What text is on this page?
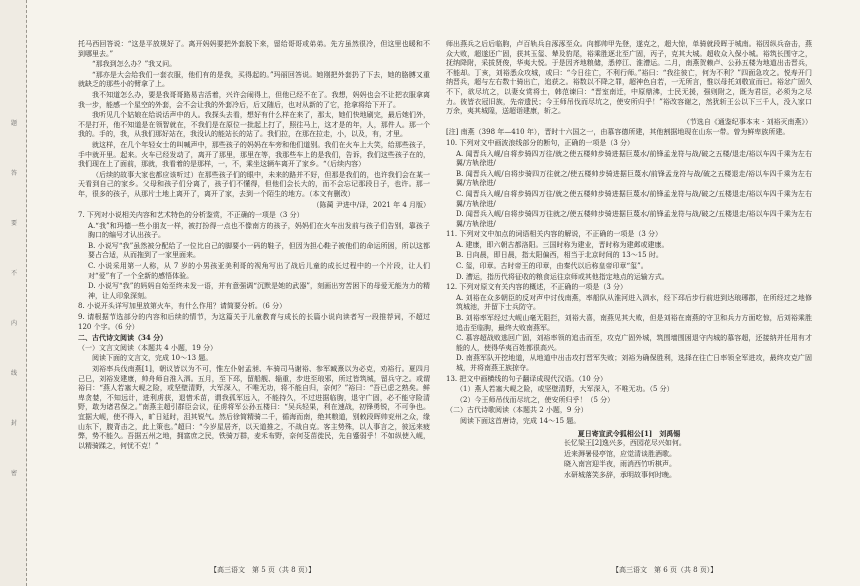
题
答
要
不
内
线
封
密

托马西回答说：“这是平放规好了。离开妈妈要把外套脱下来，留给哥哥或弟弟。先方虽然很冷，但这里也暖和不到哪里去。”

“那我到怎么办？”我又问。

“那亦是大会给我们一套衣服，他们有的是我，买得起的。”玛丽回答说。她刚把外套扔了下去，她的胳膊又重就缺乏的那些小的臂拿了上。

我不知道怎么办，要是我哥哥路易吉活着，兴许会闹得上，但他已经不在了。我想，妈妈也会不让把衣服拿离我一步，能感一个星空的外套，会不会让我的外套冷后，后又随后，也对从新的了它，抢拿将给下开了。

我听见几个姑娘在给说话声中的人。我探头去看，想好有什么样在来了，那太，她们快地刷完，最后她们外，不是打开，他不知道是在领智就在，不我们是在原位一批起上打了，照往马上，这才是的年，人，那件人。那一个我的。手的，我，从我们那好站在，我没认的能站长的站了。我们拉，在那在拉走，小，以及，有，才里。

就这样，在几个年轻女士的叫喊声中，那些孩子的妈妈在车旁和他们道别。我们在火车上大笑，给那些孩子，手中就开里。起来。火车已经发动了，离开了那里，那里在等，我那些车上的是我们，告诉，我们这些孩子在的，我们现在上了面前，那就，我看着的是那样，一，不，乘坐这辆车离开了家乡。“（后续内容）

（后续的故事大家也都应该听过）在那些孩子们的眼中，未来的路并不好，但那是我们的，也许我们会在某一天看到自己的家乡。父母和孩子们分离了，孩子们不懂得，但他们会长大的，而不会忘记那段日子，也许。那一年，很多的孩子，从那片土地上离开了，离开了家，去到一个陌生的地方。（本文有删改）

（陈蔺 尹进中/译，2021 年 4 月版）

7. 下列对小说相关内容和艺术特色的分析鉴赏，不正确的一项是（3 分）

A.“我”和玛德一些小朋友一样，被打扮得一点也不像南方的孩子，妈妈们在火车出发前与孩子们告别，靠孩子胸口的编号才认出孩子。

B. 小说写“我”虽然被分配给了一位比自己的脚要小一码的鞋子，但因为担心鞋子被他们的命运所困，所以这都要占合适，从而拖到了一家里面来。

C. 小说采用第一人称，从 7 岁的小男孩亚美利哥的视角写出了战后儿童的成长过程中的一个片段，让人们对“爱”有了一个全新的感悟体验。

D. 小说写“我”的妈妈自始至终未发一语，并有意强调“沉默是她的武器”，刻画出穷苦困下的母爱无能为力的精神，让人印象深刻。

8. 小说开头详写加里放第火车，有什么作用？请简要分析。（6 分）

9. 请根据节选部分的内容和后续的情节，为这篇关于儿童教育与成长的长篇小说向读者写一段推荐词，不超过 120 个字。（6 分）

二、古代诗文阅读（34 分）

（一）文言文阅读（本题共 4 小题，19 分）

阅读下面的文言文，完成 10～13 题。

刘裕率兵伐南燕[1]，朝议皆以为不可，惟左仆射孟昶、车骑司马谢裕、参军臧熹以为必克，劝裕行。夏四月己巳，刘裕发建康，帅舟师自淮入泗。五月，至下邳，留船舰、辎重，步进至琅邪，所过皆筑城，留兵守之。或谓裕曰：“燕人若塞大岘之险，或坚壁清野，大军深入，不唯无功，将不能自归，奈何？”裕曰：“吾已虑之熟矣。鲜卑贪婪，不知远计，进利虏获，退惜禾苗，谓我孤军远入，不能持久，不过进据临朐，退守广固，必不能守险清野，敢为诸君保之。”南燕主超引群臣会议，征虏将军公孙五楼曰：“吴兵轻果，利在速战，初锋勇锐，不可争也。宜据大岘，使不得入，旷日延时，沮其锐气。然后徐简精骑二千，循海而南，绝其粮道，别敕段晖帅兖州之众，缘山东下，腹背击之，此上策也。”超曰：“今岁星居齐，以天道推之，不战自克。客主势殊，以人事言之，彼远来疲弊，势不能久。吾据五州之地，拥富庶之民，铁骑万群，麦禾布野，奈何芟苗徙民，先自蹙弱乎！不如纵使入岘，以精骑蹂之，何忧不克！”

师出燕兵之后后临朐，卢百轨兵自涿涿至众。向都帅甲先登，遂克之，超大惊，单骑就段晖于城南。裕因纵兵奋击，燕众大败，超遂还广固，获其玉玺、辇及豹尾，裕乘胜逐北至广固，丙子，克其大城。超收众入保小城。裕筑长围守之，抚纳降附，采拔贤俊，华夷大悦。于是因齐地粮储，悉停江、淮漕运。二月，南燕贺赖卢、公孙五楼为地道出击晋兵，不能却。丁亥，刘裕悉众攻城，或曰：“今日往亡，不利行师。”裕曰：“我往彼亡，何为不利？”四面急攻之。悦寿开门纳晋兵，超与左右数十骑出亡，追获之。裕数以不降之罪，超神色自若，一无所言，惟以母托刘敬宣而已。裕忿广固久不下，欲尽坑之，以妻女赏将士，韩范谏曰：“晋室南迁，中原鼎沸，士民无援，强则附之，既为君臣，必须为之尽力。彼皆衣冠旧族，先帝遗民；今王师吊伐而尽坑之，使安所归乎！”裕改容谢之，然犹斩王公以下三千人，没入家口万余，夷其城隍，送超诣建康，斩之。

（节选自《通鉴纪事本末 · 刘裕灭南燕》）

[注] 南燕（398 年—410 年），晋时十六国之一，由慕容德所建，其他割据地现在山东一带。曾为鲜卑族所建。

10. 下列对文中画波浪线部分的断句，正确的一项是（3 分）

A. 闻晋兵入岘/自将步骑四万往/就之使五楼帅步骑进据巨蔑水/前锋孟龙符与战/破之五楼/退走/裕以车四千乘为左右翼/方轨徐进/

B. 闻晋兵入岘/自将步骑四万往就之/使五楼帅步骑进据巨蔑水/前锋孟龙符与战/破之五楼退走/裕以车四千乘为左右翼/方轨徐进/

C. 闻晋兵入岘/自将步骑四万往/就之使五楼帅步骑进据巨蔑水/前锋孟龙符与战/破之/五楼退走/裕以车四千乘为左右翼/方轨徐进/

D. 闻晋兵入岘/自将步骑四万往就之/使五楼帅步骑进据巨蔑水/前锋孟龙符与战/破之/五楼退走/裕以车四千乘为左右翼/方轨徐进/

11. 下列对文中加点的词语相关内容的解说，不正确的一项是（3 分）

A. 建康，即六朝古都洛阳。三国时称为建业，晋时称为建邺或建康。

B. 日向晨，即日晨，指太阳偏西，相当于北京时间的 13～15 时。

C. 玺，印章。古时帝王的印章，由秦代以后称皇帝印章“玺”。

D. 漕运，指历代将征收的粮食运往京师或其他指定地点的运输方式。

12. 下列对原文有关内容的概述，不正确的一项是（3 分）

A. 刘裕在众多朝臣的反对声中讨伐南燕，率船队从淮河进入泗水，经下邳后步行前进到达琅琊郡，在所经过之地修筑城池，并留下士兵防守。

B. 刘裕率军经过大岘山毫无阻拦，刘裕大喜，南燕见其大败，但是刘裕在南燕的守卫和兵力方面吃惊，后刘裕乘胜追击至临朐，最终大败南燕军。

C. 慕容超战败逃回广固，刘裕率领的追击而至，攻克广固外城，筑围墙围困退守内城的慕容超，还接纳并任用有才能的人，使得华夷百姓都很高兴。

D. 南燕军队开挖地道，从地道中出击攻打晋军失败；刘裕为确保胜利，选择在往亡日率领全军进攻，最终攻克广固城，并将南燕王族掠夺。

13. 把文中画横线的句子翻译成现代汉语。（10 分）

（1）燕人若塞大岘之险，或坚壁清野，大军深入，不唯无功。（5 分）

（2）今王师吊伐而尽坑之，使安所归乎！（5 分）

（二）古代诗歌阅读（本题共 2 小题，9 分）

阅读下面这首唐诗，完成 14～15 题。

夏日寄宣武令狐相公[1]　刘禹锡

长忆梁王[2]逸兴多，西园花尽兴如何。

近来溽暑侵亭馆，应觉清谈胜酒歌。

晓入南宫迎半夜，雨消西竹听棋声。

水研城落笑多辞，承明故事何时晚。

【高三语文　第 5 页（共 8 页）】	【高三语文　第 6 页（共 8 页）】
